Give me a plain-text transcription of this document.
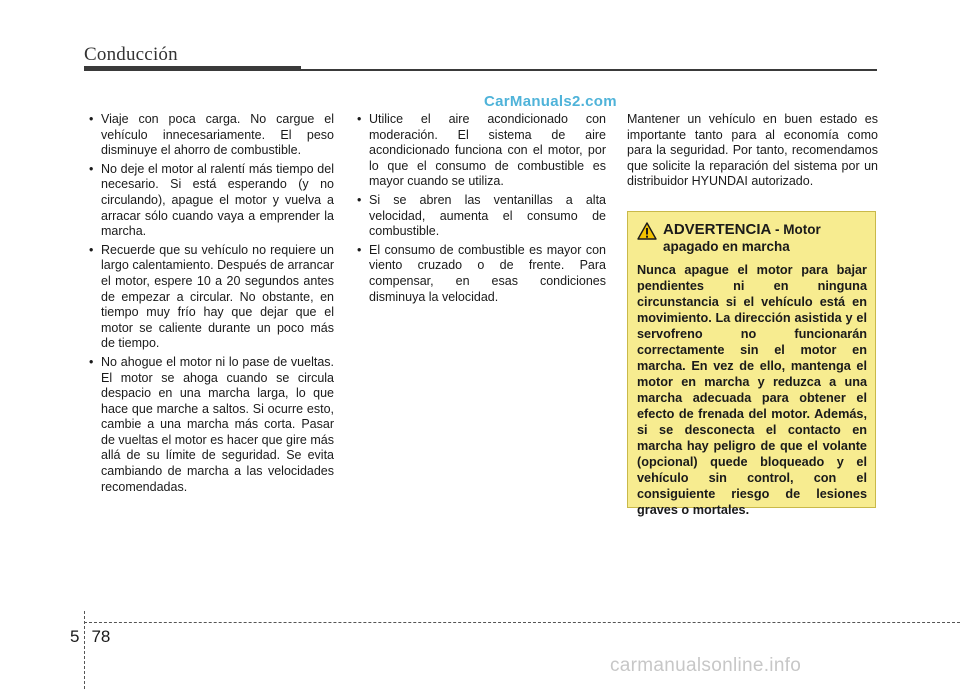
Conducción
CarManuals2.com
• Viaje con poca carga. No cargue el vehículo innecesariamente. El peso disminuye el ahorro de combustible.
• No deje el motor al ralentí más tiempo del necesario. Si está esperando (y no circulando), apague el motor y vuelva a arracar sólo cuando vaya a emprender la marcha.
• Recuerde que su vehículo no requiere un largo calentamiento. Después de arrancar el motor, espere 10 a 20 segundos antes de empezar a circular. No obstante, en tiempo muy frío hay que dejar que el motor se caliente durante un poco más de tiempo.
• No ahogue el motor ni lo pase de vueltas. El motor se ahoga cuando se circula despacio en una marcha larga, lo que hace que marche a saltos. Si ocurre esto, cambie a una marcha más corta. Pasar de vueltas el motor es hacer que gire más allá de su límite de seguridad. Se evita cambiando de marcha a las velocidades recomendadas.
• Utilice el aire acondicionado con moderación. El sistema de aire acondicionado funciona con el motor, por lo que el consumo de combustible es mayor cuando se utiliza.
• Si se abren las ventanillas a alta velocidad, aumenta el consumo de combustible.
• El consumo de combustible es mayor con viento cruzado o de frente. Para compensar, en esas condiciones disminuya la velocidad.

Mantener un vehículo en buen estado es importante tanto para al economía como para la seguridad. Por tanto, recomendamos que solicite la reparación del sistema por un distribuidor HYUNDAI autorizado.

ADVERTENCIA - Motor apagado en marcha
Nunca apague el motor para bajar pendientes ni en ninguna circunstancia si el vehículo está en movimiento. La dirección asistida y el servofreno no funcionarán correctamente sin el motor en marcha. En vez de ello, mantenga el motor en marcha y reduzca a una marcha adecuada para obtener el efecto de frenada del motor. Además, si se desconecta el contacto en marcha hay peligro de que el volante (opcional) quede bloqueado y el vehículo sin control, con el consiguiente riesgo de lesiones graves o mortales.
5 78
carmanualsonline.info
